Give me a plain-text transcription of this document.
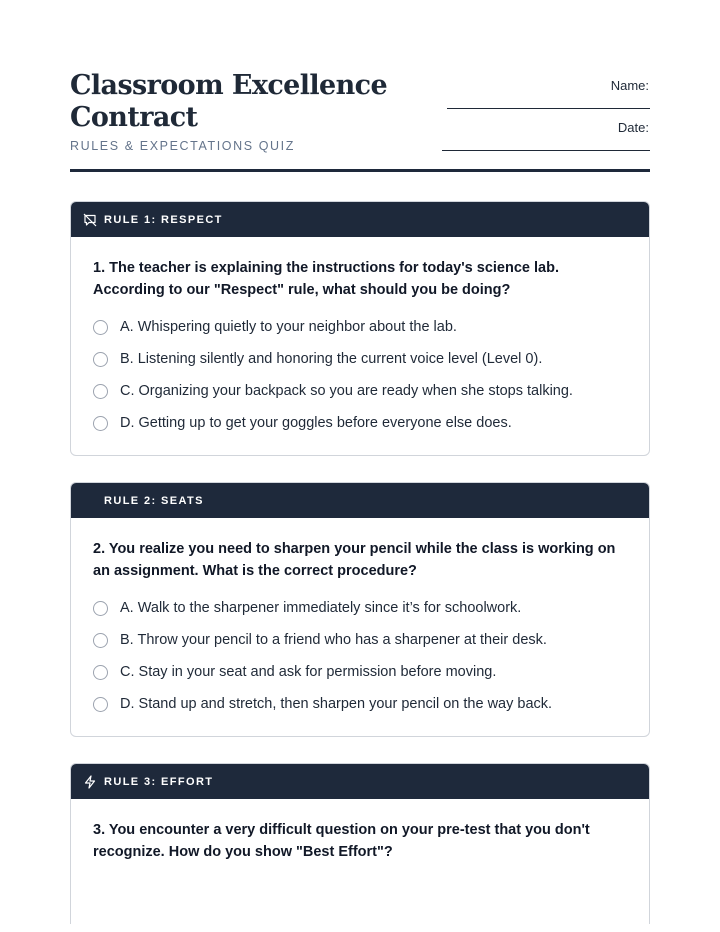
Classroom Excellence Contract
RULES & EXPECTATIONS QUIZ
Name:
Date:
RULE 1: RESPECT
1. The teacher is explaining the instructions for today's science lab. According to our "Respect" rule, what should you be doing?
A. Whispering quietly to your neighbor about the lab.
B. Listening silently and honoring the current voice level (Level 0).
C. Organizing your backpack so you are ready when she stops talking.
D. Getting up to get your goggles before everyone else does.
RULE 2: SEATS
2. You realize you need to sharpen your pencil while the class is working on an assignment. What is the correct procedure?
A. Walk to the sharpener immediately since it’s for schoolwork.
B. Throw your pencil to a friend who has a sharpener at their desk.
C. Stay in your seat and ask for permission before moving.
D. Stand up and stretch, then sharpen your pencil on the way back.
RULE 3: EFFORT
3. You encounter a very difficult question on your pre-test that you don't recognize. How do you show "Best Effort"?
